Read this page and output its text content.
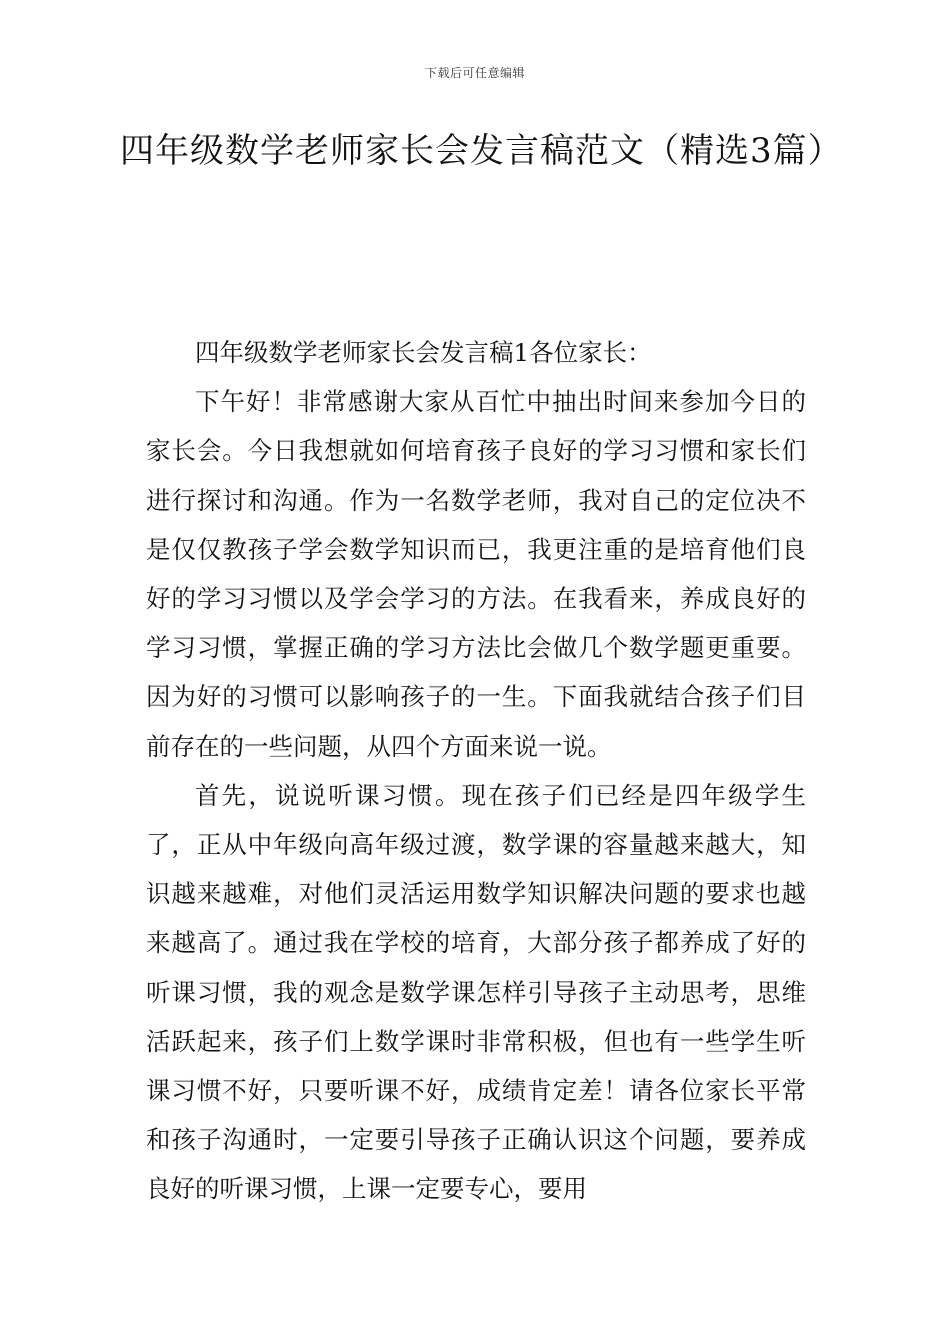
下载后可任意编辑
四年级数学老师家长会发言稿范文（精选3篇）

四年级数学老师家长会发言稿1各位家长：

下午好！非常感谢大家从百忙中抽出时间来参加今日的家长会。今日我想就如何培育孩子良好的学习习惯和家长们进行探讨和沟通。作为一名数学老师，我对自己的定位决不是仅仅教孩子学会数学知识而已，我更注重的是培育他们良好的学习习惯以及学会学习的方法。在我看来，养成良好的学习习惯，掌握正确的学习方法比会做几个数学题更重要。因为好的习惯可以影响孩子的一生。下面我就结合孩子们目前存在的一些问题，从四个方面来说一说。

首先，说说听课习惯。现在孩子们已经是四年级学生了，正从中年级向高年级过渡，数学课的容量越来越大，知识越来越难，对他们灵活运用数学知识解决问题的要求也越来越高了。通过我在学校的培育，大部分孩子都养成了好的听课习惯，我的观念是数学课怎样引导孩子主动思考，思维活跃起来，孩子们上数学课时非常积极，但也有一些学生听课习惯不好，只要听课不好，成绩肯定差！请各位家长平常和孩子沟通时，一定要引导孩子正确认识这个问题，要养成良好的听课习惯，上课一定要专心，要用
